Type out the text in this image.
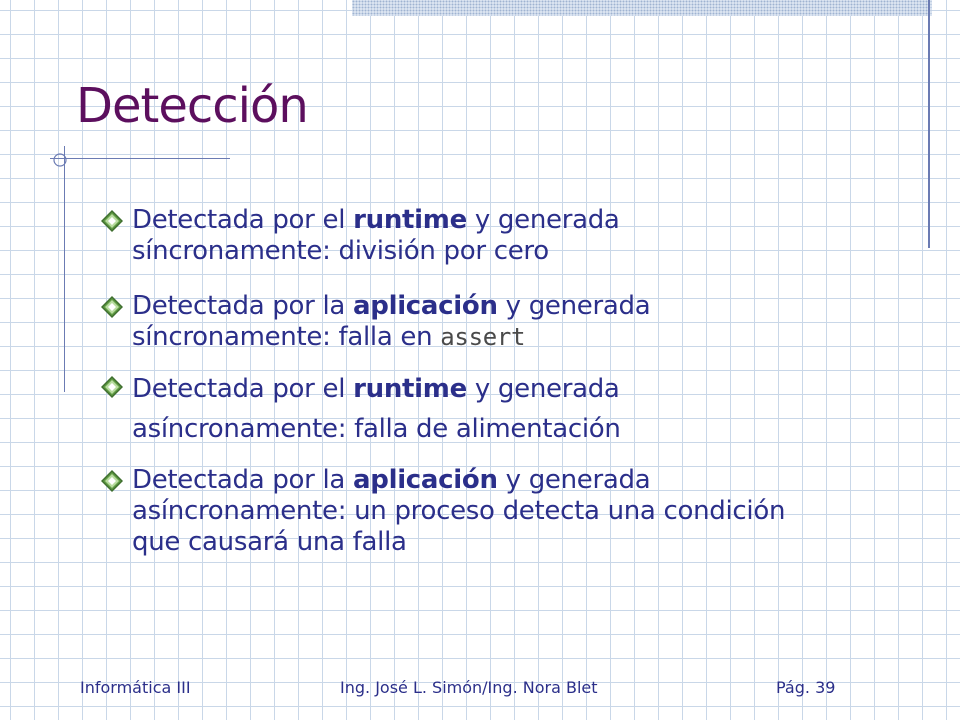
Detección
Detectada por el runtime y generada síncronamente: división por cero
Detectada por la aplicación y generada síncronamente: falla en assert
Detectada por el runtime y generada asíncronamente: falla de alimentación
Detectada por la aplicación y generada asíncronamente: un proceso detecta una condición que causará una falla
Informática III	Ing. José L. Simón/Ing. Nora Blet	Pág. 39
